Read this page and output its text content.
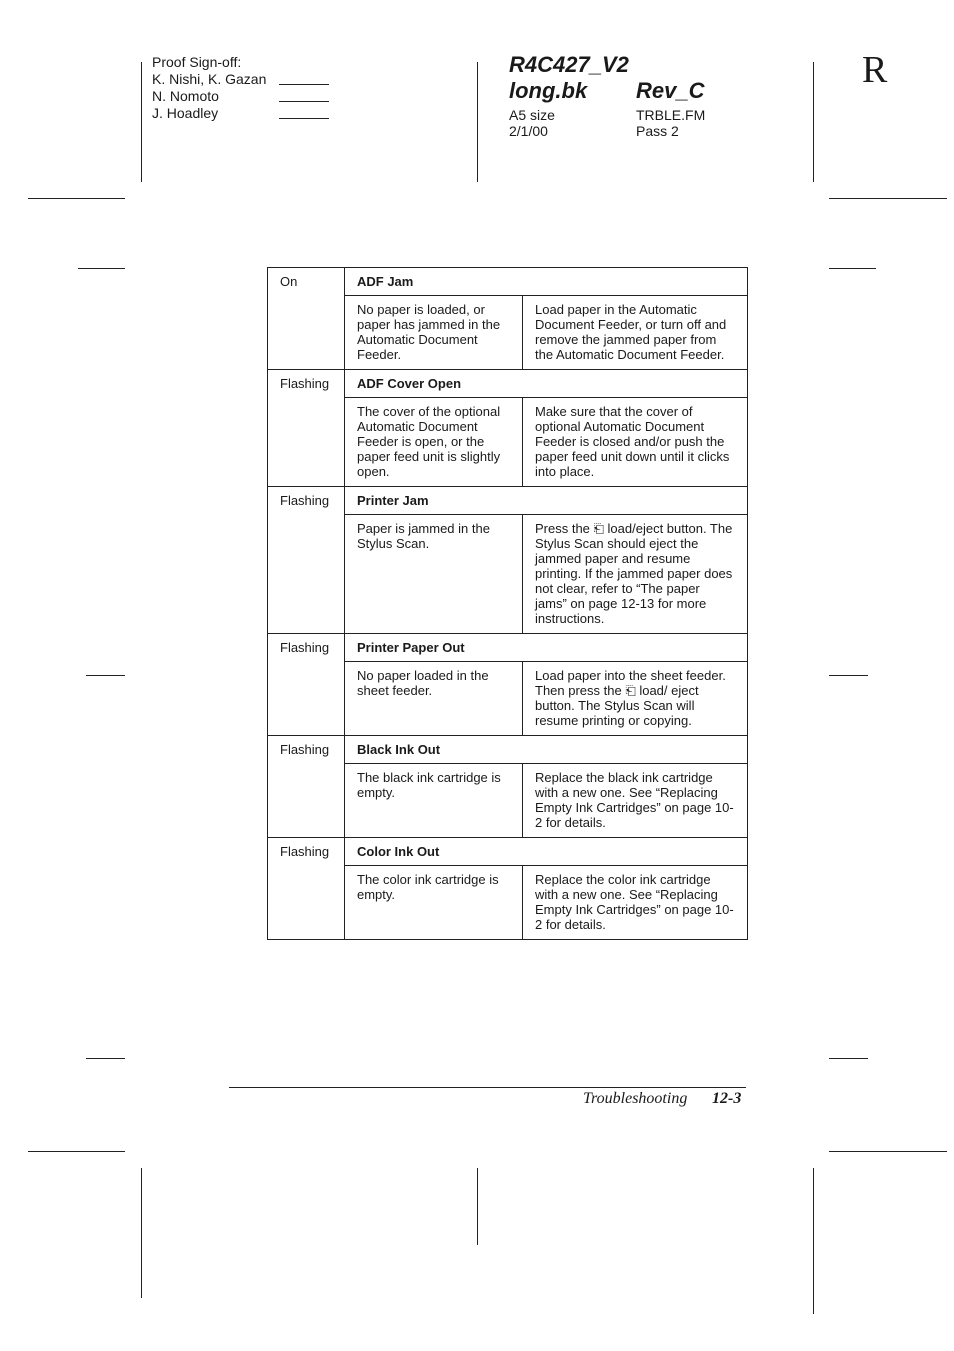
Proof Sign-off:
K. Nishi, K. Gazan
N. Nomoto
J. Hoadley
R4C427_V2
long.bk Rev_C
A5 size
2/1/00
TRBLE.FM
Pass 2
R
On	ADF Jam	
	No paper is loaded, or paper has jammed in the Automatic Document Feeder.	Load paper in the Automatic Document Feeder, or turn off and remove the jammed paper from the Automatic Document Feeder.
Flashing	ADF Cover Open	
	The cover of the optional Automatic Document Feeder is open, or the paper feed unit is slightly open.	Make sure that the cover of optional Automatic Document Feeder is closed and/or push the paper feed unit down until it clicks into place.
Flashing	Printer Jam	
	Paper is jammed in the Stylus Scan.	Press the ⎗ load/eject button. The Stylus Scan should eject the jammed paper and resume printing. If the jammed paper does not clear, refer to “The paper jams” on page 12-13 for more instructions.
Flashing	Printer Paper Out	
	No paper loaded in the sheet feeder.	Load paper into the sheet feeder. Then press the ⎗ load/ eject button. The Stylus Scan will resume printing or copying.
Flashing	Black Ink Out	
	The black ink cartridge is empty.	Replace the black ink cartridge with a new one. See “Replacing Empty Ink Cartridges” on page 10-2 for details.
Flashing	Color Ink Out	
	The color ink cartridge is empty.	Replace the color ink cartridge with a new one. See “Replacing Empty Ink Cartridges” on page 10-2 for details.
Troubleshooting 12-3
